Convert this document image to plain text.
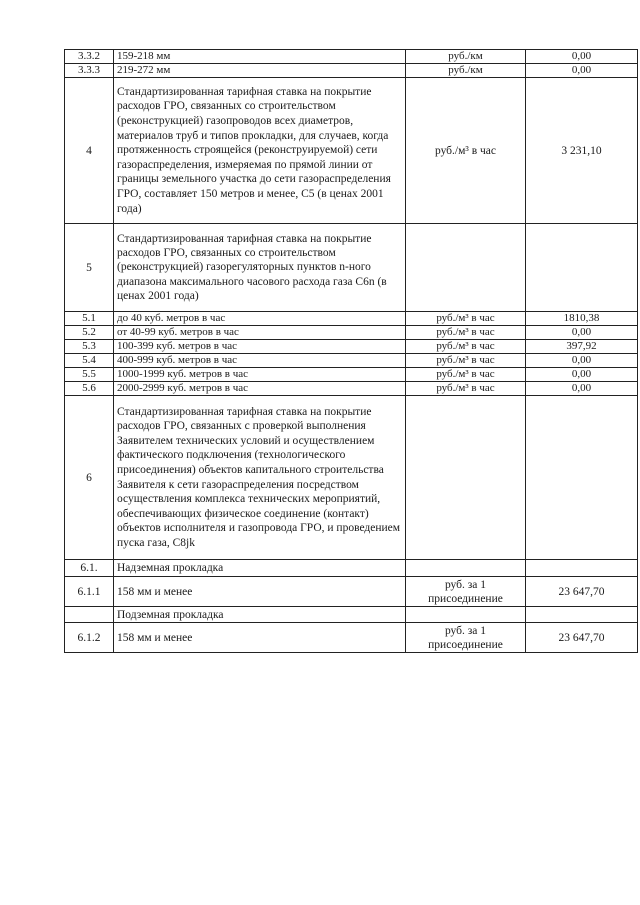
3.3.2	159-218 мм	руб./км	0,00
3.3.3	219-272 мм	руб./км	0,00
4	Стандартизированная тарифная ставка на покрытие расходов ГРО, связанных со строительством (реконструкцией) газопроводов всех диаметров, материалов труб и типов прокладки, для случаев, когда протяженность строящейся (реконструируемой) сети газораспределения, измеряемая по прямой линии от границы земельного участка до сети газораспределения ГРО, составляет 150 метров и менее, С5 (в ценах 2001 года)	руб./м³ в час	3 231,10
5	Стандартизированная тарифная ставка на покрытие расходов ГРО, связанных со строительством (реконструкцией) газорегуляторных пунктов n-ного диапазона максимального часового расхода газа С6n (в ценах 2001 года)		
5.1	до 40 куб. метров в час	руб./м³ в час	1810,38
5.2	от 40-99 куб. метров в час	руб./м³ в час	0,00
5.3	100-399 куб. метров в час	руб./м³ в час	397,92
5.4	400-999 куб. метров в час	руб./м³ в час	0,00
5.5	1000-1999 куб. метров в час	руб./м³ в час	0,00
5.6	2000-2999 куб. метров в час	руб./м³ в час	0,00
6	Стандартизированная тарифная ставка на покрытие расходов ГРО, связанных с проверкой выполнения Заявителем технических условий и осуществлением фактического подключения (технологического присоединения) объектов капитального строительства Заявителя к сети газораспределения посредством осуществления комплекса технических мероприятий, обеспечивающих физическое соединение (контакт) объектов исполнителя и газопровода ГРО, и проведением пуска газа, С8jk		
6.1.	Надземная прокладка		
6.1.1	158 мм и менее	руб. за 1 присоединение	23 647,70
	Подземная прокладка		
6.1.2	158 мм и менее	руб. за 1 присоединение	23 647,70
